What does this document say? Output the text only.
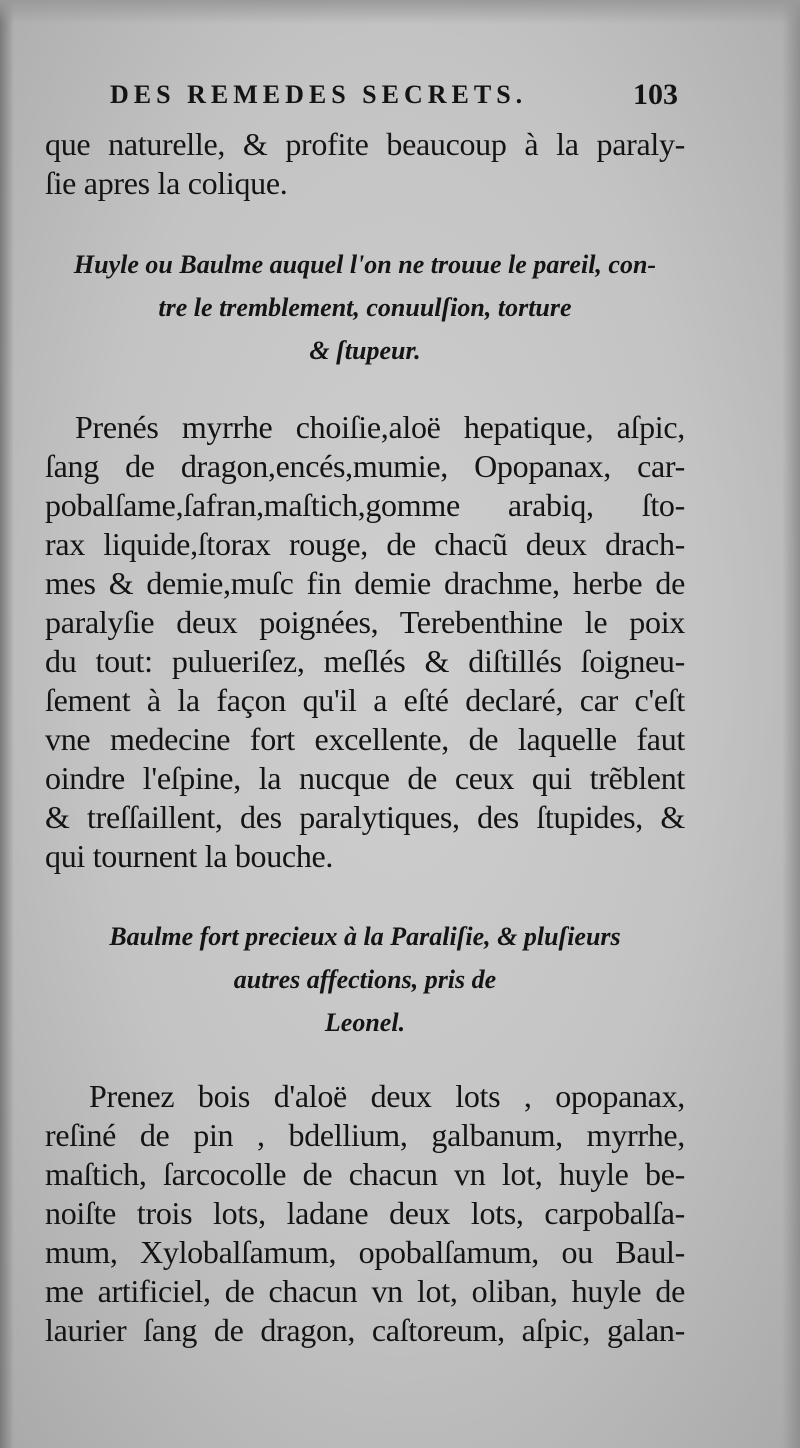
DES REMEDES SECRETS.	103
que naturelle, & profite beaucoup à la paraly-
ſie apres la colique.
Huyle ou Baulme auquel l'on ne trouue le pareil, con-
tre le tremblement, conuulſion, torture
& ſtupeur.
Prenés myrrhe choiſie,aloë hepatique, aſpic,
ſang de dragon,encés,mumie, Opopanax, car-
pobalſame,ſafran,maſtich,gomme arabiq, ſto-
rax liquide,ſtorax rouge, de chacũ deux drach-
mes & demie,muſc fin demie drachme, herbe de
paralyſie deux poignées, Terebenthine le poix
du tout: pulueriſez, meſlés & diſtillés ſoigneu-
ſement à la façon qu'il a eſté declaré, car c'eſt
vne medecine fort excellente, de laquelle faut
oindre l'eſpine, la nucque de ceux qui trẽblent
& treſſaillent, des paralytiques, des ſtupides, &
qui tournent la bouche.
Baulme fort precieux à la Paraliſie, & pluſieurs
autres affections, pris de
Leonel.
Prenez bois d'aloë deux lots , opopanax,
reſiné de pin , bdellium, galbanum, myrrhe,
maſtich, ſarcocolle de chacun vn lot, huyle be-
noiſte trois lots, ladane deux lots, carpobalſa-
mum, Xylobalſamum, opobalſamum, ou Baul-
me artificiel, de chacun vn lot, oliban, huyle de
laurier ſang de dragon, caſtoreum, aſpic, galan-
